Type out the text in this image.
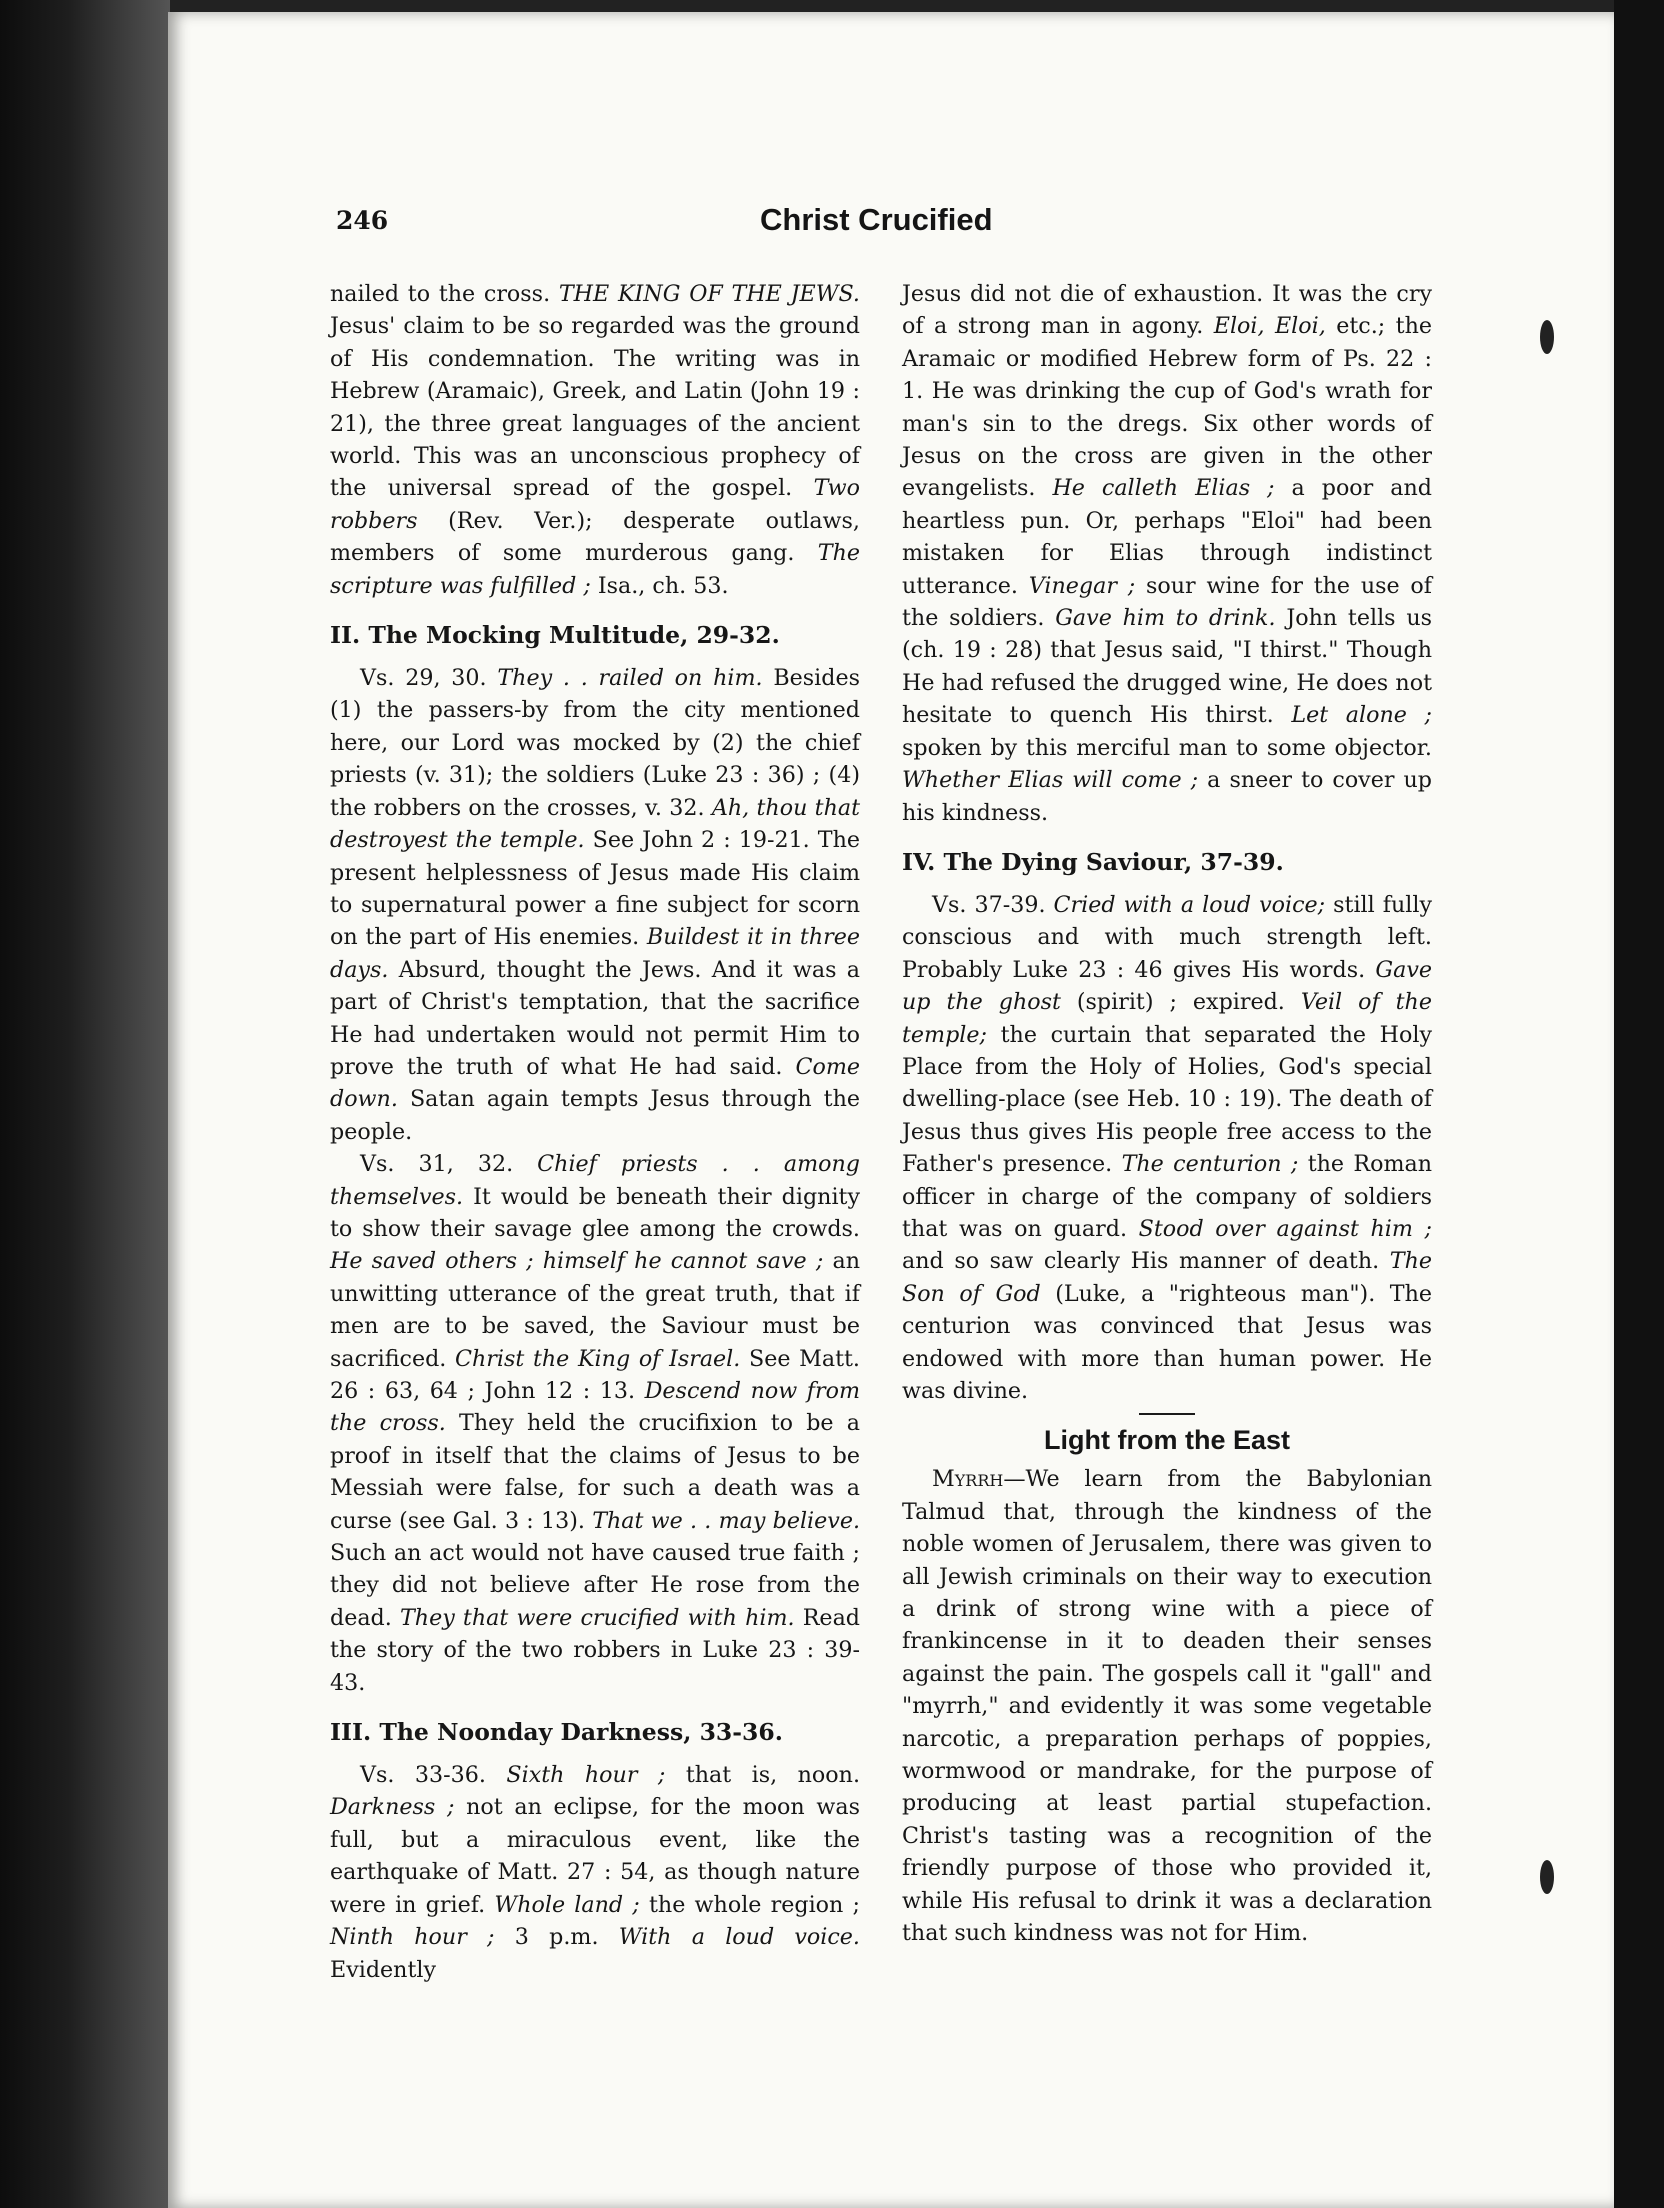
246	Christ Crucified

nailed to the cross. THE KING OF THE JEWS. Jesus' claim to be so regarded was the ground of His condemnation. The writing was in Hebrew (Aramaic), Greek, and Latin (John 19 : 21), the three great languages of the ancient world. This was an unconscious prophecy of the universal spread of the gospel. Two robbers (Rev. Ver.); desperate outlaws, members of some murderous gang. The scripture was fulfilled ; Isa., ch. 53.

II. The Mocking Multitude, 29-32.

Vs. 29, 30. They . . railed on him. Besides (1) the passers-by from the city mentioned here, our Lord was mocked by (2) the chief priests (v. 31); the soldiers (Luke 23 : 36) ; (4) the robbers on the crosses, v. 32. Ah, thou that destroyest the temple. See John 2 : 19-21. The present helplessness of Jesus made His claim to supernatural power a fine subject for scorn on the part of His enemies. Buildest it in three days. Absurd, thought the Jews. And it was a part of Christ's temptation, that the sacrifice He had undertaken would not permit Him to prove the truth of what He had said. Come down. Satan again tempts Jesus through the people.

Vs. 31, 32. Chief priests . . among themselves. It would be beneath their dignity to show their savage glee among the crowds. He saved others ; himself he cannot save ; an unwitting utterance of the great truth, that if men are to be saved, the Saviour must be sacrificed. Christ the King of Israel. See Matt. 26 : 63, 64 ; John 12 : 13. Descend now from the cross. They held the crucifixion to be a proof in itself that the claims of Jesus to be Messiah were false, for such a death was a curse (see Gal. 3 : 13). That we . . may believe. Such an act would not have caused true faith ; they did not believe after He rose from the dead. They that were crucified with him. Read the story of the two robbers in Luke 23 : 39-43.

III. The Noonday Darkness, 33-36.

Vs. 33-36. Sixth hour ; that is, noon. Darkness ; not an eclipse, for the moon was full, but a miraculous event, like the earthquake of Matt. 27 : 54, as though nature were in grief. Whole land ; the whole region ; Ninth hour ; 3 p.m. With a loud voice. Evidently

Jesus did not die of exhaustion. It was the cry of a strong man in agony. Eloi, Eloi, etc.; the Aramaic or modified Hebrew form of Ps. 22 : 1. He was drinking the cup of God's wrath for man's sin to the dregs. Six other words of Jesus on the cross are given in the other evangelists. He calleth Elias ; a poor and heartless pun. Or, perhaps "Eloi" had been mistaken for Elias through indistinct utterance. Vinegar ; sour wine for the use of the soldiers. Gave him to drink. John tells us (ch. 19 : 28) that Jesus said, "I thirst." Though He had refused the drugged wine, He does not hesitate to quench His thirst. Let alone ; spoken by this merciful man to some objector. Whether Elias will come ; a sneer to cover up his kindness.

IV. The Dying Saviour, 37-39.

Vs. 37-39. Cried with a loud voice; still fully conscious and with much strength left. Probably Luke 23 : 46 gives His words. Gave up the ghost (spirit) ; expired. Veil of the temple; the curtain that separated the Holy Place from the Holy of Holies, God's special dwelling-place (see Heb. 10 : 19). The death of Jesus thus gives His people free access to the Father's presence. The centurion ; the Roman officer in charge of the company of soldiers that was on guard. Stood over against him ; and so saw clearly His manner of death. The Son of God (Luke, a "righteous man"). The centurion was convinced that Jesus was endowed with more than human power. He was divine.

Light from the East

Myrrh—We learn from the Babylonian Talmud that, through the kindness of the noble women of Jerusalem, there was given to all Jewish criminals on their way to execution a drink of strong wine with a piece of frankincense in it to deaden their senses against the pain. The gospels call it "gall" and "myrrh," and evidently it was some vegetable narcotic, a preparation perhaps of poppies, wormwood or mandrake, for the purpose of producing at least partial stupefaction. Christ's tasting was a recognition of the friendly purpose of those who provided it, while His refusal to drink it was a declaration that such kindness was not for Him.
